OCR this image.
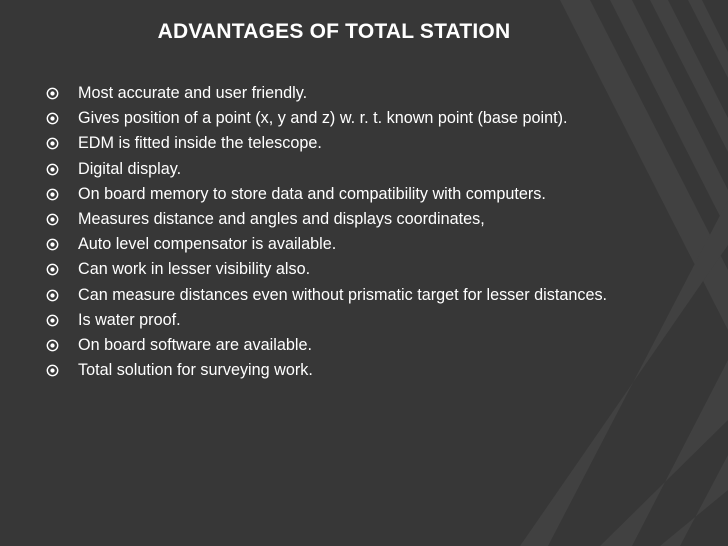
ADVANTAGES OF TOTAL STATION
Most accurate and user friendly.
Gives position of a point (x, y and z) w. r. t. known point (base point).
EDM is fitted inside the telescope.
Digital display.
On board memory to store data and compatibility with computers.
Measures distance and angles and displays coordinates,
Auto level compensator is available.
Can work in lesser visibility also.
Can measure distances even without prismatic target for lesser distances.
Is water proof.
On board software are available.
Total solution for surveying work.
